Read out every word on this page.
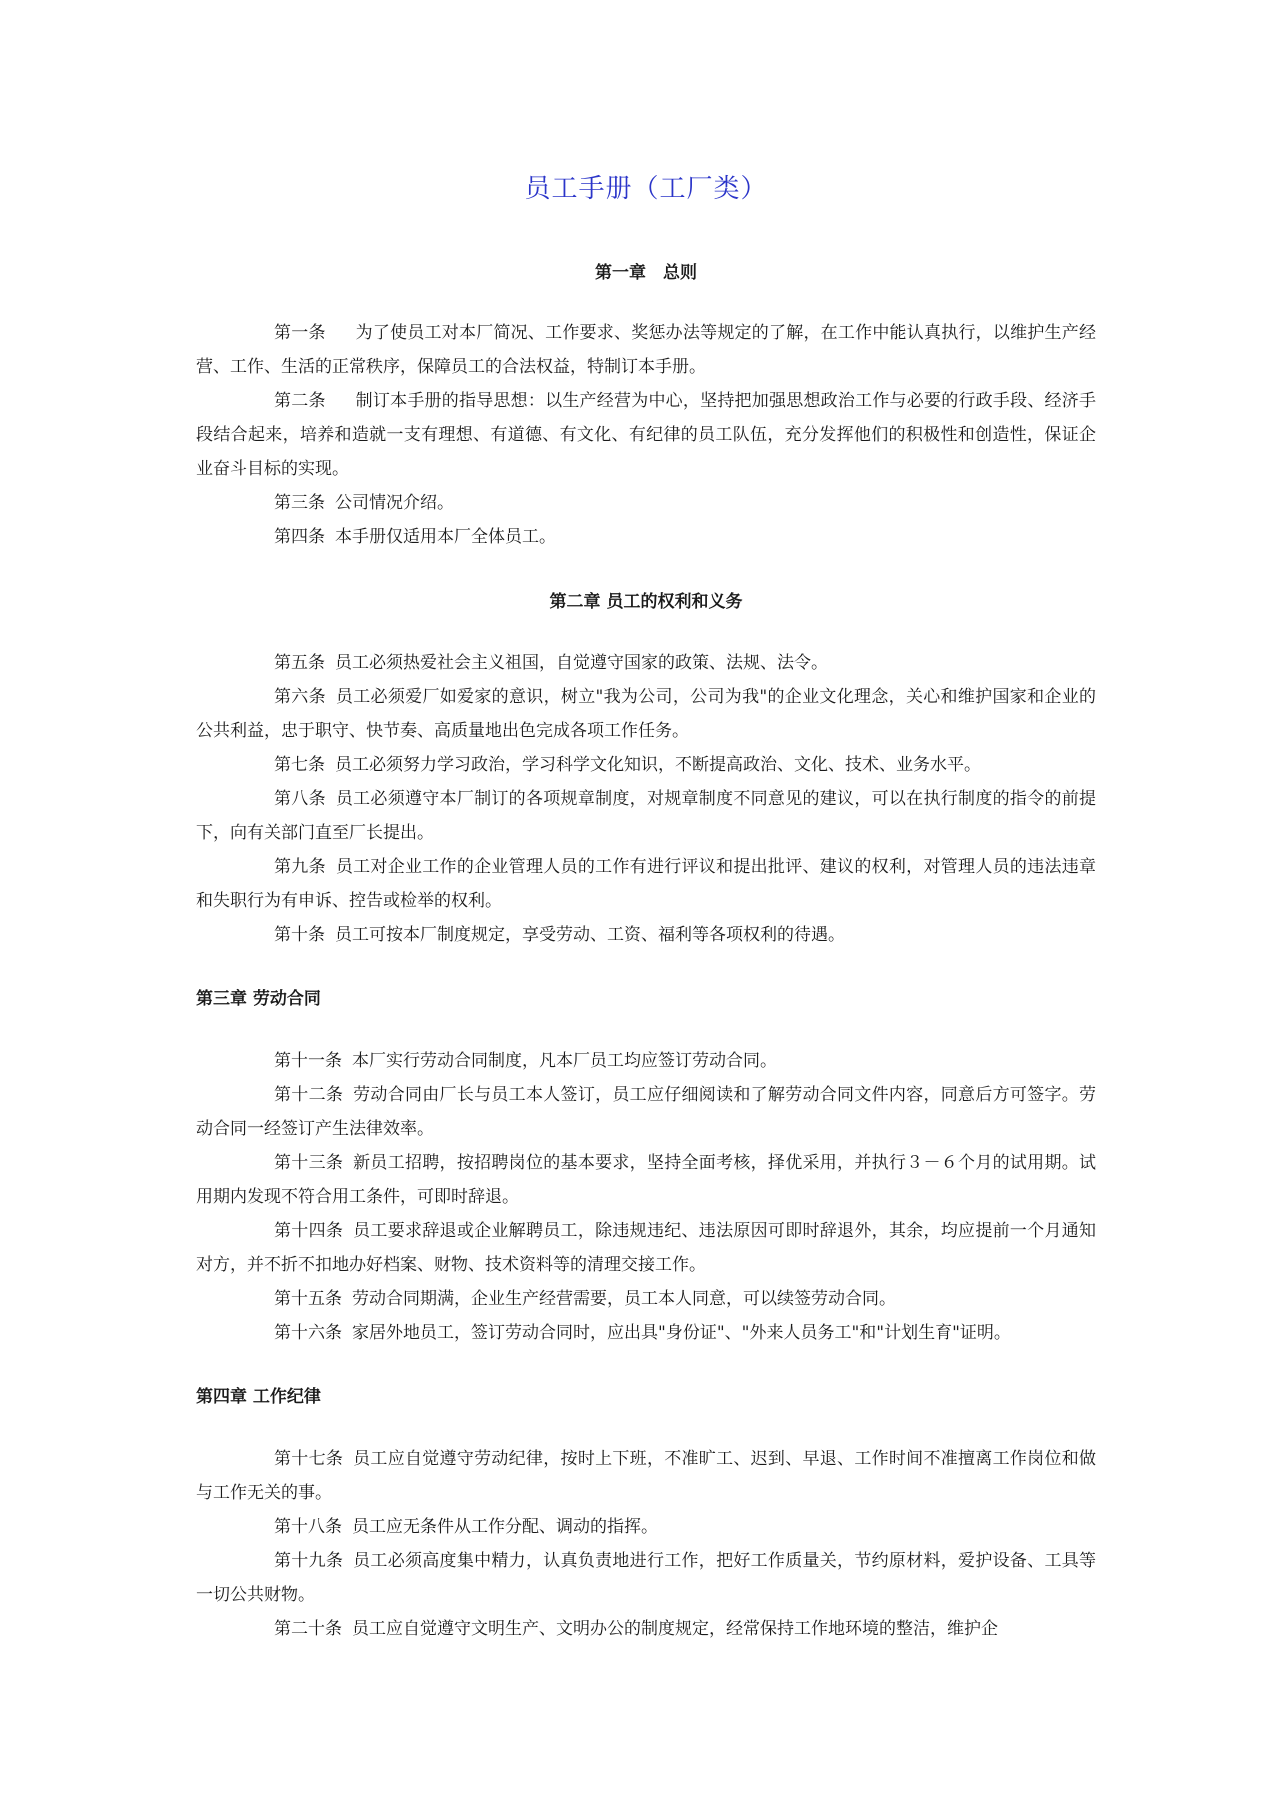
员工手册（工厂类）
第一章　总则
第一条 为了使员工对本厂简况、工作要求、奖惩办法等规定的了解，在工作中能认真执行，以维护生产经营、工作、生活的正常秩序，保障员工的合法权益，特制订本手册。
第二条 制订本手册的指导思想：以生产经营为中心，坚持把加强思想政治工作与必要的行政手段、经济手段结合起来，培养和造就一支有理想、有道德、有文化、有纪律的员工队伍，充分发挥他们的积极性和创造性，保证企业奋斗目标的实现。
第三条 公司情况介绍。
第四条 本手册仅适用本厂全体员工。
第二章 员工的权利和义务
第五条 员工必须热爱社会主义祖国，自觉遵守国家的政策、法规、法令。
第六条 员工必须爱厂如爱家的意识，树立"我为公司，公司为我"的企业文化理念，关心和维护国家和企业的公共利益，忠于职守、快节奏、高质量地出色完成各项工作任务。
第七条 员工必须努力学习政治，学习科学文化知识，不断提高政治、文化、技术、业务水平。
第八条 员工必须遵守本厂制订的各项规章制度，对规章制度不同意见的建议，可以在执行制度的指令的前提下，向有关部门直至厂长提出。
第九条 员工对企业工作的企业管理人员的工作有进行评议和提出批评、建议的权利，对管理人员的违法违章和失职行为有申诉、控告或检举的权利。
第十条 员工可按本厂制度规定，享受劳动、工资、福利等各项权利的待遇。
第三章 劳动合同
第十一条 本厂实行劳动合同制度，凡本厂员工均应签订劳动合同。
第十二条 劳动合同由厂长与员工本人签订，员工应仔细阅读和了解劳动合同文件内容，同意后方可签字。劳动合同一经签订产生法律效率。
第十三条 新员工招聘，按招聘岗位的基本要求，坚持全面考核，择优采用，并执行３－６个月的试用期。试用期内发现不符合用工条件，可即时辞退。
第十四条 员工要求辞退或企业解聘员工，除违规违纪、违法原因可即时辞退外，其余，均应提前一个月通知对方，并不折不扣地办好档案、财物、技术资料等的清理交接工作。
第十五条 劳动合同期满，企业生产经营需要，员工本人同意，可以续签劳动合同。
第十六条 家居外地员工，签订劳动合同时，应出具"身份证"、"外来人员务工"和"计划生育"证明。
第四章 工作纪律
第十七条 员工应自觉遵守劳动纪律，按时上下班，不准旷工、迟到、早退、工作时间不准擅离工作岗位和做与工作无关的事。
第十八条 员工应无条件从工作分配、调动的指挥。
第十九条 员工必须高度集中精力，认真负责地进行工作，把好工作质量关，节约原材料，爱护设备、工具等一切公共财物。
第二十条 员工应自觉遵守文明生产、文明办公的制度规定，经常保持工作地环境的整洁，维护企
